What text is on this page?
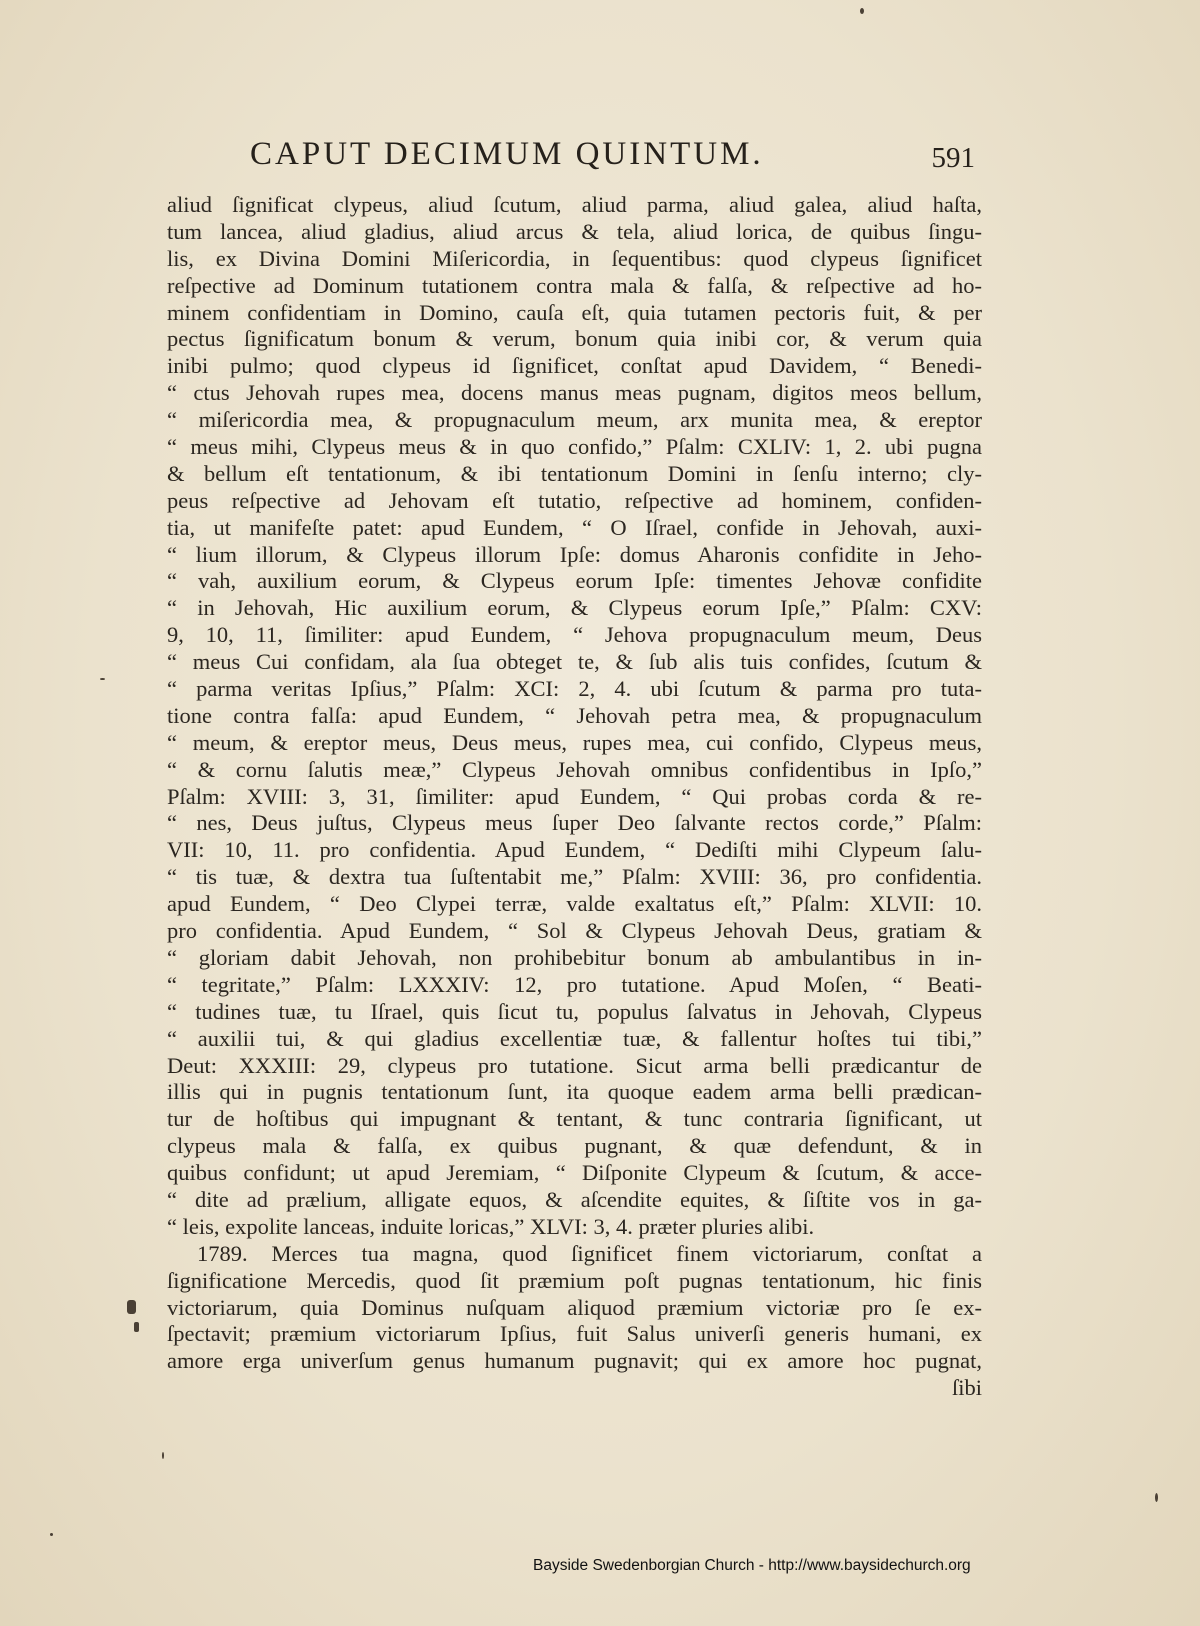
CAPUT DECIMUM QUINTUM.	591
aliud ſignificat clypeus, aliud ſcutum, aliud parma, aliud galea, aliud haſta,
tum lancea, aliud gladius, aliud arcus & tela, aliud lorica, de quibus ſingu-
lis, ex Divina Domini Miſericordia, in ſequentibus: quod clypeus ſignificet
reſpective ad Dominum tutationem contra mala & falſa, & reſpective ad ho-
minem confidentiam in Domino, cauſa eſt, quia tutamen pectoris fuit, & per
pectus ſignificatum bonum & verum, bonum quia inibi cor, & verum quia
inibi pulmo; quod clypeus id ſignificet, conſtat apud Davidem, “ Benedi-
“ ctus Jehovah rupes mea, docens manus meas pugnam, digitos meos bellum,
“ miſericordia mea, & propugnaculum meum, arx munita mea, & ereptor
“ meus mihi, Clypeus meus & in quo confido,” Pſalm: CXLIV: 1, 2. ubi pugna
& bellum eſt tentationum, & ibi tentationum Domini in ſenſu interno; cly-
peus reſpective ad Jehovam eſt tutatio, reſpective ad hominem, confiden-
tia, ut manifeſte patet: apud Eundem, “ O Iſrael, confide in Jehovah, auxi-
“ lium illorum, & Clypeus illorum Ipſe: domus Aharonis confidite in Jeho-
“ vah, auxilium eorum, & Clypeus eorum Ipſe: timentes Jehovæ confidite
“ in Jehovah, Hic auxilium eorum, & Clypeus eorum Ipſe,” Pſalm: CXV:
9, 10, 11, ſimiliter: apud Eundem, “ Jehova propugnaculum meum, Deus
“ meus Cui confidam, ala ſua obteget te, & ſub alis tuis confides, ſcutum &
“ parma veritas Ipſius,” Pſalm: XCI: 2, 4. ubi ſcutum & parma pro tuta-
tione contra falſa: apud Eundem, “ Jehovah petra mea, & propugnaculum
“ meum, & ereptor meus, Deus meus, rupes mea, cui confido, Clypeus meus,
“ & cornu ſalutis meæ,” Clypeus Jehovah omnibus confidentibus in Ipſo,”
Pſalm: XVIII: 3, 31, ſimiliter: apud Eundem, “ Qui probas corda & re-
“ nes, Deus juſtus, Clypeus meus ſuper Deo ſalvante rectos corde,” Pſalm:
VII: 10, 11. pro confidentia. Apud Eundem, “ Dediſti mihi Clypeum ſalu-
“ tis tuæ, & dextra tua ſuſtentabit me,” Pſalm: XVIII: 36, pro confidentia.
apud Eundem, “ Deo Clypei terræ, valde exaltatus eſt,” Pſalm: XLVII: 10.
pro confidentia. Apud Eundem, “ Sol & Clypeus Jehovah Deus, gratiam &
“ gloriam dabit Jehovah, non prohibebitur bonum ab ambulantibus in in-
“ tegritate,” Pſalm: LXXXIV: 12, pro tutatione. Apud Moſen, “ Beati-
“ tudines tuæ, tu Iſrael, quis ſicut tu, populus ſalvatus in Jehovah, Clypeus
“ auxilii tui, & qui gladius excellentiæ tuæ, & fallentur hoſtes tui tibi,”
Deut: XXXIII: 29, clypeus pro tutatione. Sicut arma belli prædicantur de
illis qui in pugnis tentationum ſunt, ita quoque eadem arma belli prædican-
tur de hoſtibus qui impugnant & tentant, & tunc contraria ſignificant, ut
clypeus mala & falſa, ex quibus pugnant, & quæ defendunt, & in
quibus confidunt; ut apud Jeremiam, “ Diſponite Clypeum & ſcutum, & acce-
“ dite ad prælium, alligate equos, & aſcendite equites, & ſiſtite vos in ga-
“ leis, expolite lanceas, induite loricas,” XLVI: 3, 4. præter pluries alibi.
1789. Merces tua magna, quod ſignificet finem victoriarum, conſtat a
ſignificatione Mercedis, quod ſit præmium poſt pugnas tentationum, hic finis
victoriarum, quia Dominus nuſquam aliquod præmium victoriæ pro ſe ex-
ſpectavit; præmium victoriarum Ipſius, fuit Salus univerſi generis humani, ex
amore erga univerſum genus humanum pugnavit; qui ex amore hoc pugnat,
ſibi
Bayside Swedenborgian Church - http://www.baysidechurch.org
